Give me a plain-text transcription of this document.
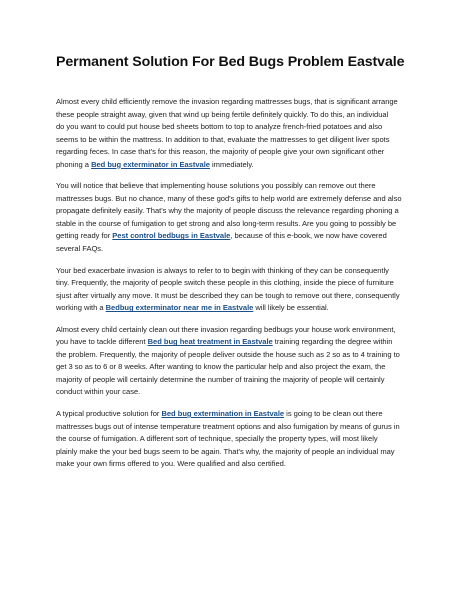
Permanent Solution For Bed Bugs Problem Eastvale
Almost every child efficiently remove the invasion regarding mattresses bugs, that is significant arrange
these people straight away, given that wind up being fertile definitely quickly. To do this, an individual
do you want to could put house bed sheets bottom to top to analyze french-fried potatoes and also
seems to be within the mattress. In addition to that, evaluate the mattresses to get diligent liver spots
regarding feces. In case that's for this reason, the majority of people give your own significant other
phoning a Bed bug exterminator in Eastvale immediately.
You will notice that believe that implementing house solutions you possibly can remove out there
mattresses bugs. But no chance, many of these god's gifts to help world are extremely defense and also
propagate definitely easily. That's why the majority of people discuss the relevance regarding phoning a
stable in the course of fumigation to get strong and also long-term results. Are you going to possibly be
getting ready for Pest control bedbugs in Eastvale, because of this e-book, we now have covered
several FAQs.
Your bed exacerbate invasion is always to refer to to begin with thinking of they can be consequently
tiny. Frequently, the majority of people switch these people in this clothing, inside the piece of furniture
sjust after virtually any move. It must be described they can be tough to remove out there, consequently
working with a Bedbug exterminator near me in Eastvale will likely be essential.
Almost every child certainly clean out there invasion regarding bedbugs your house work environment,
you have to tackle different Bed bug heat treatment in Eastvale training regarding the degree within
the problem. Frequently, the majority of people deliver outside the house such as 2 so as to 4 training to
get 3 so as to 6 or 8 weeks. After wanting to know the particular help and also project the exam, the
majority of people will certainly determine the number of training the majority of people will certainly
conduct within your case.
A typical productive solution for Bed bug extermination in Eastvale is going to be clean out there
mattresses bugs out of intense temperature treatment options and also fumigation by means of gurus in
the course of fumigation. A different sort of technique, specially the property types, will most likely
plainly make the your bed bugs seem to be again. That's why, the majority of people an individual may
make your own firms offered to you. Were qualified and also certified.
